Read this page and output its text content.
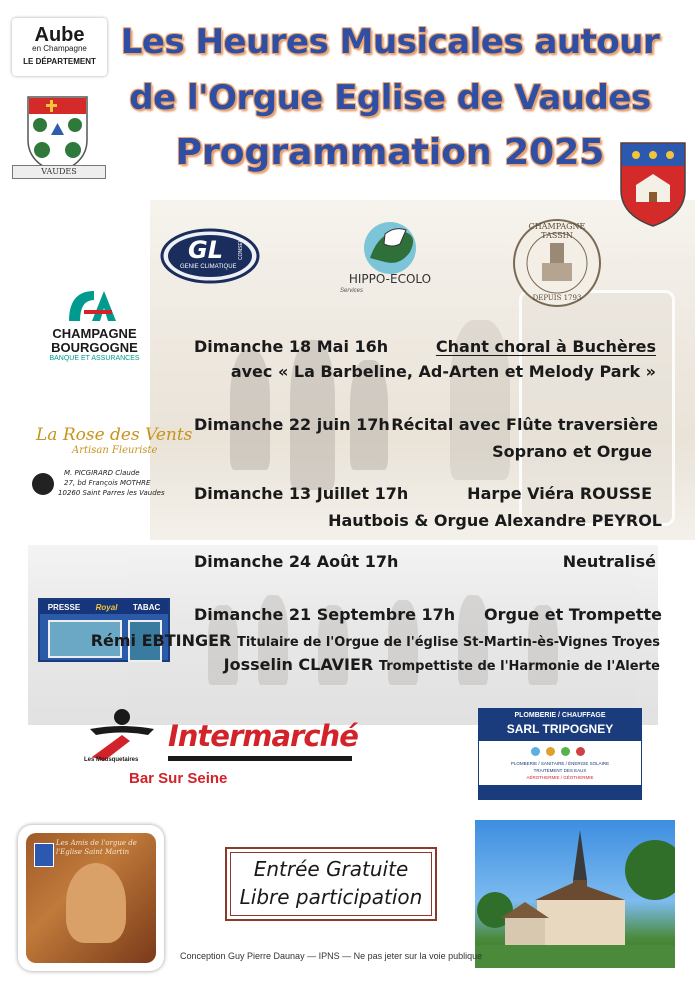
Aube
en Champagne
LE DÉPARTEMENT
VAUDES
Les Heures Musicales autour
de l'Orgue Eglise de Vaudes
Programmation 2025
GL
GENIE CLIMATIQUE
CONSEIL
HIPPO-ECOLO
Services
CHAMPAGNE TASSIN
DEPUIS 1793
CHAMPAGNE
BOURGOGNE
BANQUE ET ASSURANCES
La Rose des Vents
Artisan Fleuriste
M. PICGIRARD Claude
27, bd François MOTHRE
10260 Saint Parres les Vaudes
PRESSE Royal TABAC
Dimanche 18 Mai 16h	Chant choral à Buchères
avec « La Barbeline, Ad-Arten et Melody Park »
Dimanche 22 juin 17h Récital avec Flûte traversière
Soprano et Orgue
Dimanche 13 Juillet 17h	Harpe Viéra ROUSSE
Hautbois & Orgue Alexandre PEYROL
Dimanche 24 Août 17h	Neutralisé
Dimanche 21 Septembre 17h Orgue et Trompette
Rémi EBTINGER Titulaire de l'Orgue de l'église St-Martin-ès-Vignes Troyes
Josselin CLAVIER Trompettiste de l'Harmonie de l'Alerte
Les Mousquetaires
Intermarché
Bar Sur Seine
PLOMBERIE / CHAUFFAGE
SARL TRIPOGNEY
PLOMBERIE / SANITAIRE / ÉNERGIE SOLAIRE
TRAITEMENT DES EAUX
AÉROTHERMIE / GÉOTHERMIE
Les Amis de l'orgue de l'Eglise Saint Martin
Entrée Gratuite
Libre participation
Conception Guy Pierre Daunay — IPNS — Ne pas jeter sur la voie publique
